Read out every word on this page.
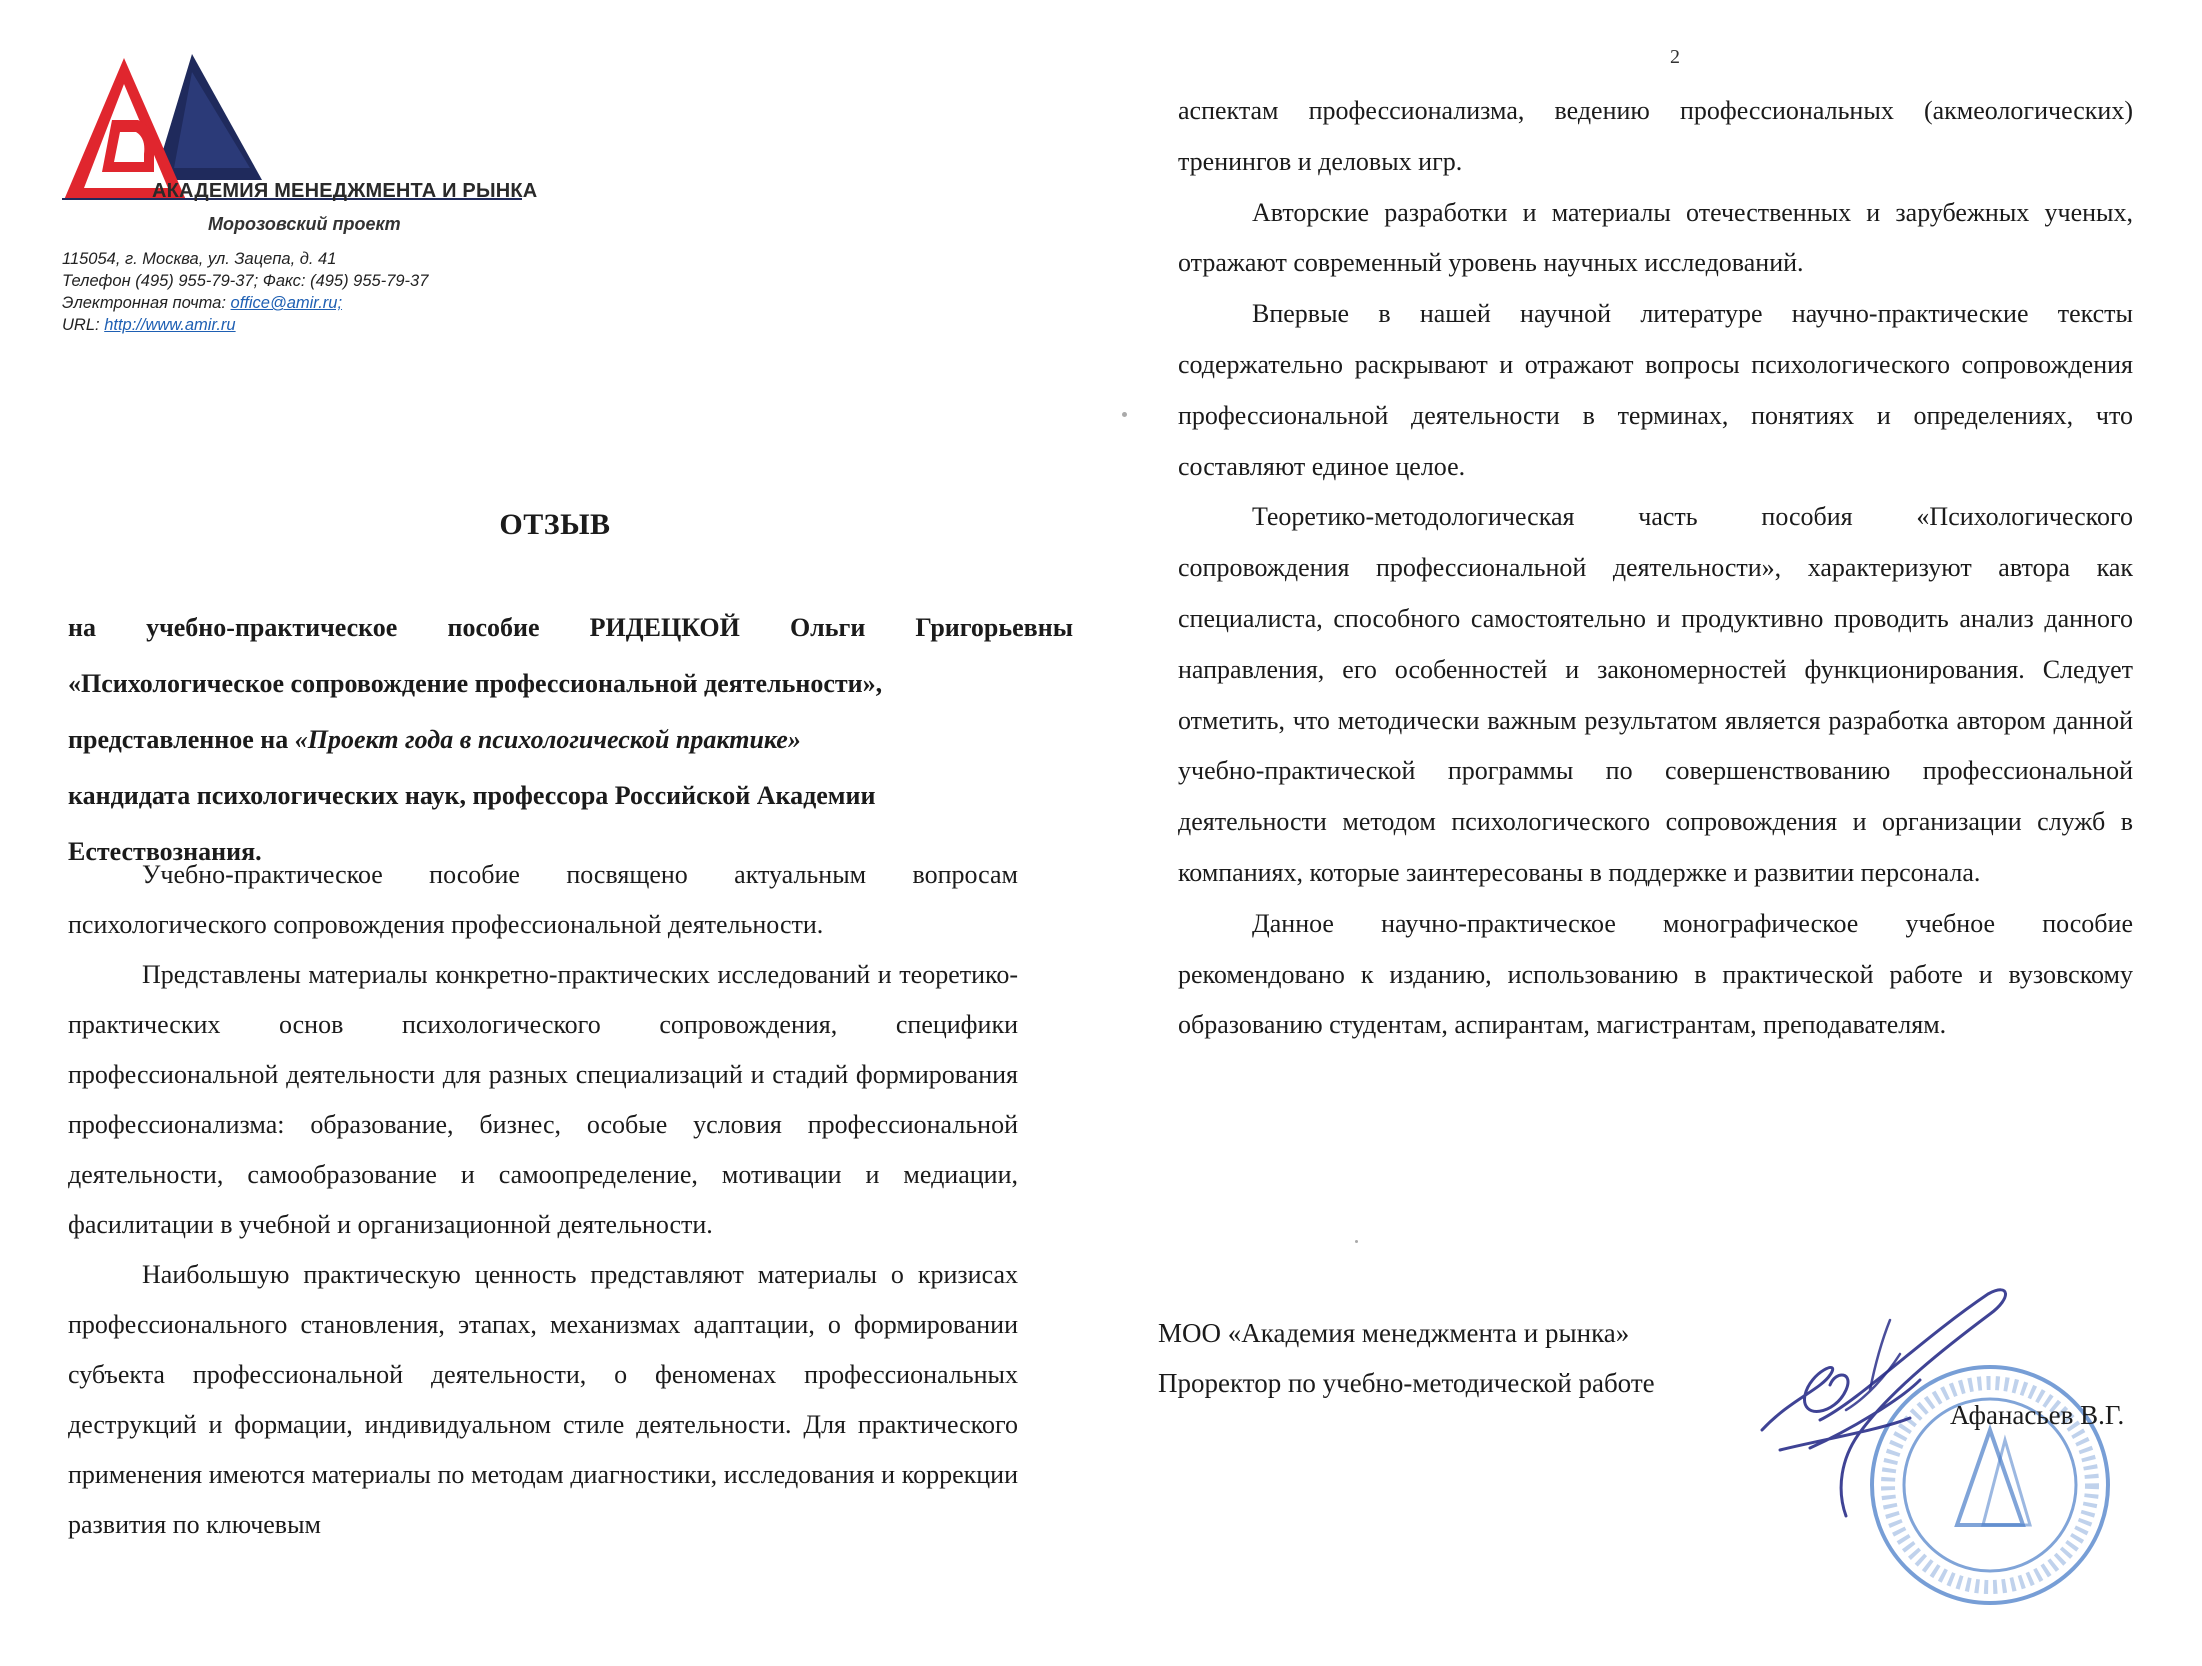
АКАДЕМИЯ МЕНЕДЖМЕНТА И РЫНКА
Морозовский проект
115054, г. Москва, ул. Зацепа, д. 41
Телефон (495) 955-79-37; Факс: (495) 955-79-37
Электронная почта: office@amir.ru;
URL: http://www.amir.ru
ОТЗЫВ
на учебно-практическое пособие РИДЕЦКОЙ Ольги Григорьевны
«Психологическое сопровождение профессиональной деятельности»,
представленное на «Проект года в психологической практике»
кандидата психологических наук, профессора Российской Академии
Естествознания.

Учебно-практическое пособие посвящено актуальным вопросам психологического сопровождения профессиональной деятельности.

Представлены материалы конкретно-практических исследований и теоретико-практических основ психологического сопровождения, специфики профессиональной деятельности для разных специализаций и стадий формирования профессионализма: образование, бизнес, особые условия профессиональной деятельности, самообразование и самоопределение, мотивации и медиации, фасилитации в учебной и организационной деятельности.

Наибольшую практическую ценность представляют материалы о кризисах профессионального становления, этапах, механизмах адаптации, о формировании субъекта профессиональной деятельности, о феноменах профессиональных деструкций и формации, индивидуальном стиле деятельности. Для практического применения имеются материалы по методам диагностики, исследования и коррекции развития по ключевым

2

аспектам профессионализма, ведению профессиональных (акмеологических) тренингов и деловых игр.

Авторские разработки и материалы отечественных и зарубежных ученых, отражают современный уровень научных исследований.

Впервые в нашей научной литературе научно-практические тексты содержательно раскрывают и отражают вопросы психологического сопровождения профессиональной деятельности в терминах, понятиях и определениях, что составляют единое целое.

Теоретико-методологическая часть пособия «Психологического сопровождения профессиональной деятельности», характеризуют автора как специалиста, способного самостоятельно и продуктивно проводить анализ данного направления, его особенностей и закономерностей функционирования. Следует отметить, что методически важным результатом является разработка автором данной учебно-практической программы по совершенствованию профессиональной деятельности методом психологического сопровождения и организации служб в компаниях, которые заинтересованы в поддержке и развитии персонала.

Данное научно-практическое монографическое учебное пособие рекомендовано к изданию, использованию в практической работе и вузовскому образованию студентам, аспирантам, магистрантам, преподавателям.

МОО «Академия менеджмента и рынка»
Проректор по учебно-методической работе
Афанасьев В.Г.
